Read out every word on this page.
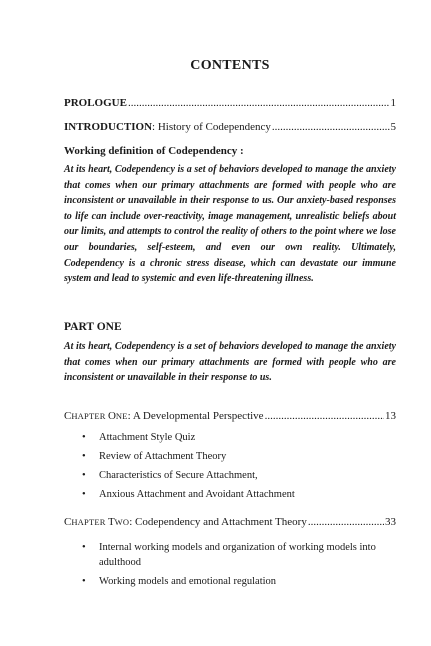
CONTENTS
PROLOGUE .....	1
INTRODUCTION: History of Codependency .....	5
Working definition of Codependency :
At its heart, Codependency is a set of behaviors developed to manage the anxiety that comes when our primary attachments are formed with people who are inconsistent or unavailable in their response to us. Our anxiety-based responses to life can include over-reactivity, image management, unrealistic beliefs about our limits, and attempts to control the reality of others to the point where we lose our boundaries, self-esteem, and even our own reality. Ultimately, Codependency is a chronic stress disease, which can devastate our immune system and lead to systemic and even life-threatening illness.
PART ONE
At its heart, Codependency is a set of behaviors developed to manage the anxiety that comes when our primary attachments are formed with people who are inconsistent or unavailable in their response to us.
CHAPTER ONE: A Developmental Perspective .....	13
• Attachment Style Quiz
• Review of Attachment Theory
• Characteristics of Secure Attachment,
• Anxious Attachment and Avoidant Attachment
CHAPTER TWO: Codependency and Attachment Theory .....	33
• Internal working models and organization of working models into adulthood
• Working models and emotional regulation
